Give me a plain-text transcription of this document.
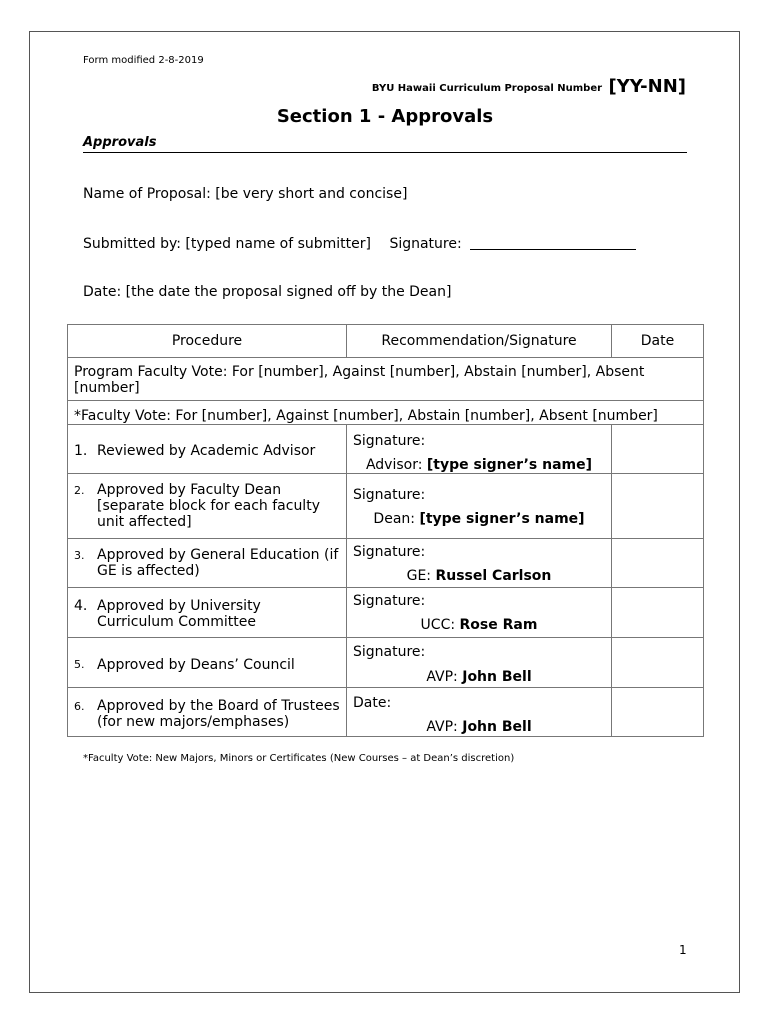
Form modified 2-8-2019
BYU Hawaii Curriculum Proposal Number [YY-NN]
Section 1 - Approvals
Approvals
Name of Proposal: [be very short and concise]
Submitted by: [typed name of submitter] Signature:
Date: [the date the proposal signed off by the Dean]
Procedure	Recommendation/Signature	Date
Program Faculty Vote: For [number], Against [number], Abstain [number], Absent [number]		
*Faculty Vote: For [number], Against [number], Abstain [number], Absent [number]		

1. Reviewed by Academic Advisor	Signature:
Advisor: [type signer’s name]	

2. Approved by Faculty Dean [separate block for each faculty unit affected]	Signature:
Dean: [type signer’s name]	

3. Approved by General Education (if GE is affected)	Signature:
GE: Russel Carlson	

4. Approved by University Curriculum Committee	Signature:
UCC: Rose Ram	

5. Approved by Deans’ Council	Signature:
AVP: John Bell	

6. Approved by the Board of Trustees (for new majors/emphases)	Date:
AVP: John Bell	

*Faculty Vote: New Majors, Minors or Certificates (New Courses – at Dean’s discretion)
1
